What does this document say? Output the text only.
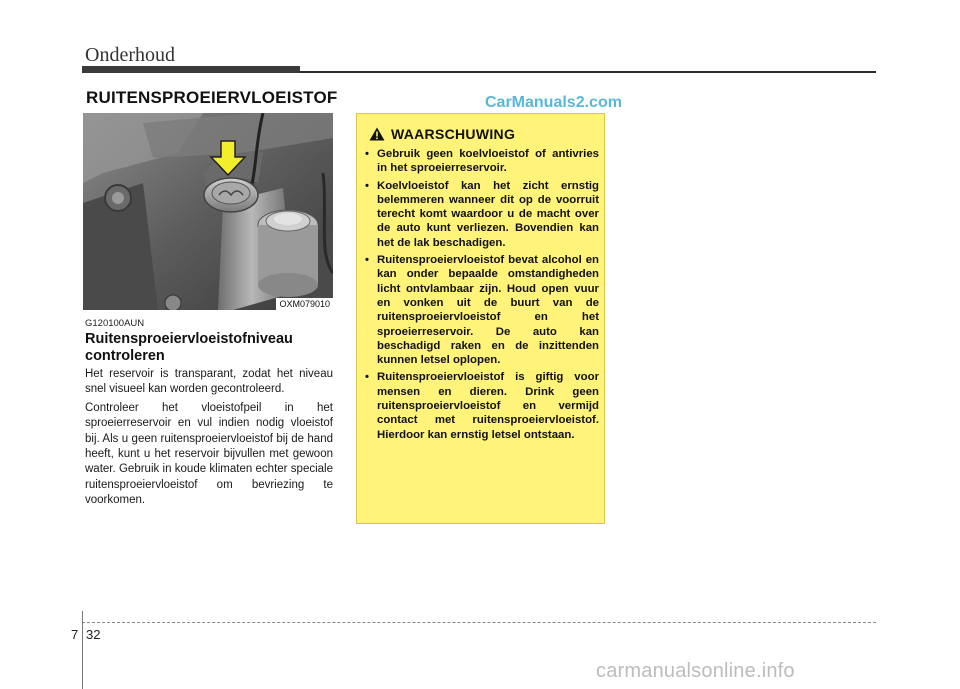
Onderhoud
RUITENSPROEIERVLOEISTOF	CarManuals2.com
OXM079010
G120100AUN
Ruitensproeiervloeistofniveau controleren

Het reservoir is transparant, zodat het niveau snel visueel kan worden gecontroleerd.

Controleer het vloeistofpeil in het sproeierreservoir en vul indien nodig vloeistof bij. Als u geen ruitensproeiervloeistof bij de hand heeft, kunt u het reservoir bijvullen met gewoon water. Gebruik in koude klimaten echter speciale ruitensproeiervloeistof om bevriezing te voorkomen.

WAARSCHUWING
• Gebruik geen koelvloeistof of antivries in het sproeierreservoir.
• Koelvloeistof kan het zicht ernstig belemmeren wanneer dit op de voorruit terecht komt waardoor u de macht over de auto kunt verliezen. Bovendien kan het de lak beschadigen.
• Ruitensproeiervloeistof bevat alcohol en kan onder bepaalde omstandigheden licht ontvlambaar zijn. Houd open vuur en vonken uit de buurt van de ruitensproeiervloeistof en het sproeierreservoir. De auto kan beschadigd raken en de inzittenden kunnen letsel oplopen.
• Ruitensproeiervloeistof is giftig voor mensen en dieren. Drink geen ruitensproeiervloeistof en vermijd contact met ruitensproeiervloeistof. Hierdoor kan ernstig letsel ontstaan.
7 32
carmanualsonline.info
